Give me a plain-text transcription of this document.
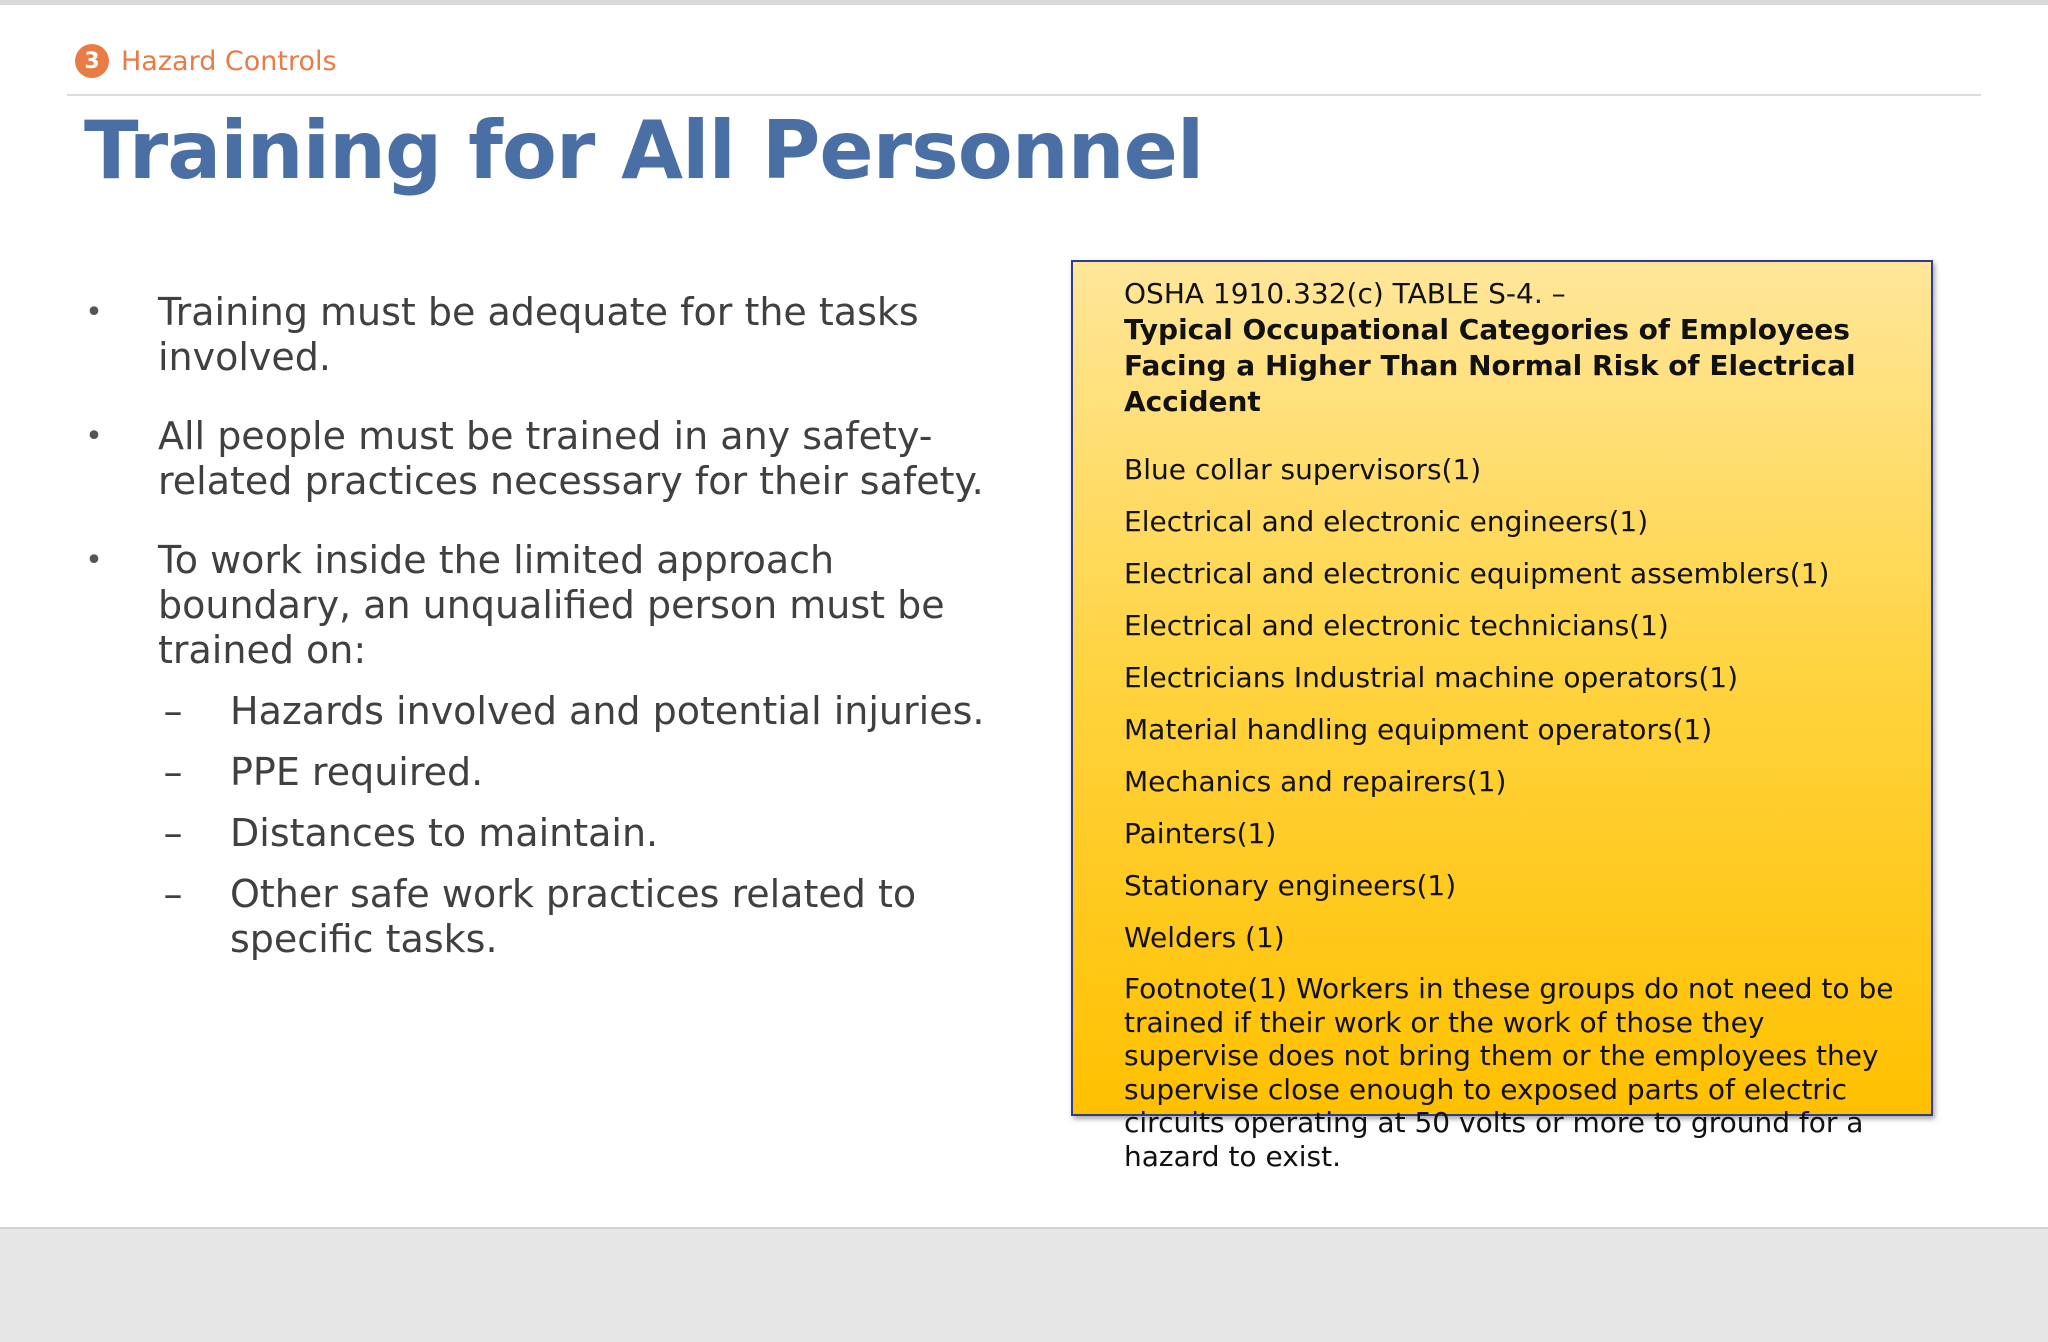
3 Hazard Controls
Training for All Personnel
• Training must be adequate for the tasks involved.
• All people must be trained in any safety-related practices necessary for their safety.
• To work inside the limited approach boundary, an unqualified person must be trained on:
– Hazards involved and potential injuries.
– PPE required.
– Distances to maintain.
– Other safe work practices related to specific tasks.
OSHA 1910.332(c) TABLE S-4. –
Typical Occupational Categories of Employees Facing a Higher Than Normal Risk of Electrical Accident
Blue collar supervisors(1)
Electrical and electronic engineers(1)
Electrical and electronic equipment assemblers(1)
Electrical and electronic technicians(1)
Electricians Industrial machine operators(1)
Material handling equipment operators(1)
Mechanics and repairers(1)
Painters(1)
Stationary engineers(1)
Welders (1)
Footnote(1) Workers in these groups do not need to be trained if their work or the work of those they supervise does not bring them or the employees they supervise close enough to exposed parts of electric circuits operating at 50 volts or more to ground for a hazard to exist.
